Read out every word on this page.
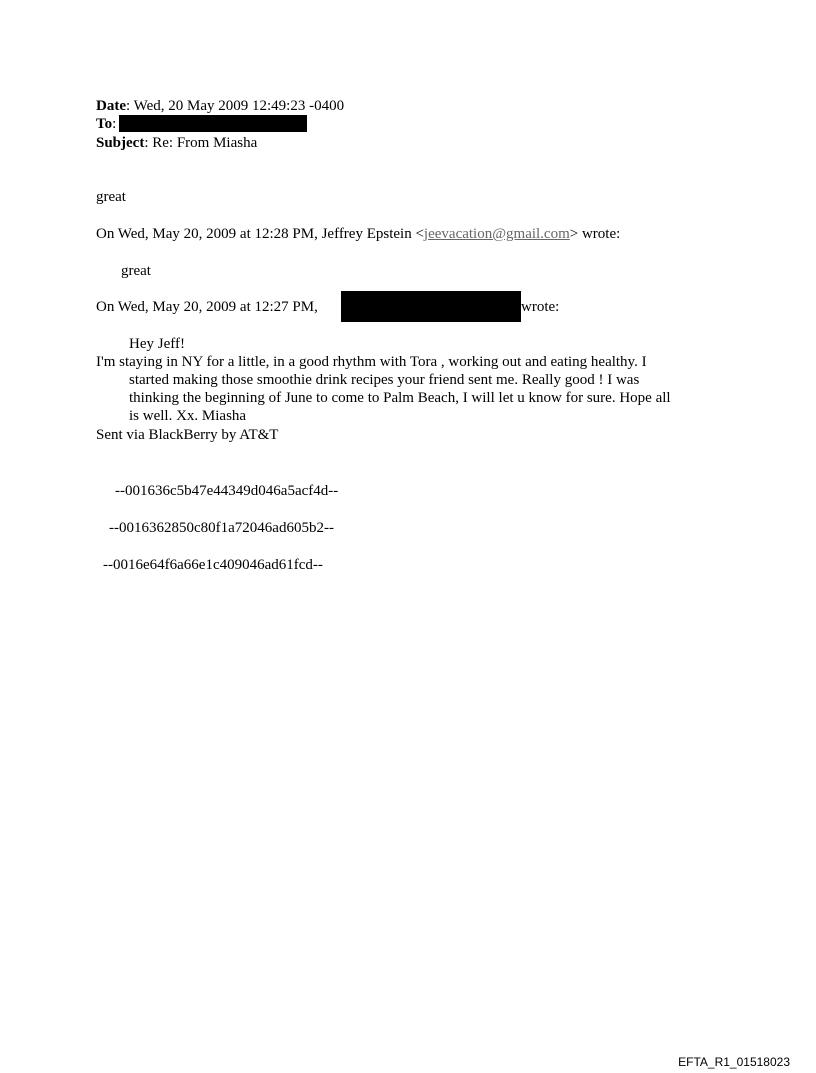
Date: Wed, 20 May 2009 12:49:23 -0400
To:
Subject: Re: From Miasha
great
On Wed, May 20, 2009 at 12:28 PM, Jeffrey Epstein <jeevacation@gmail.com> wrote:
great
On Wed, May 20, 2009 at 12:27 PM,	wrote:
Hey Jeff!
I'm staying in NY for a little, in a good rhythm with Tora , working out and eating healthy. I
started making those smoothie drink recipes your friend sent me. Really good ! I was
thinking the beginning of June to come to Palm Beach, I will let u know for sure. Hope all
is well. Xx. Miasha
Sent via BlackBerry by AT&T
--001636c5b47e44349d046a5acf4d--
--0016362850c80f1a72046ad605b2--
--0016e64f6a66e1c409046ad61fcd--
EFTA_R1_01518023
